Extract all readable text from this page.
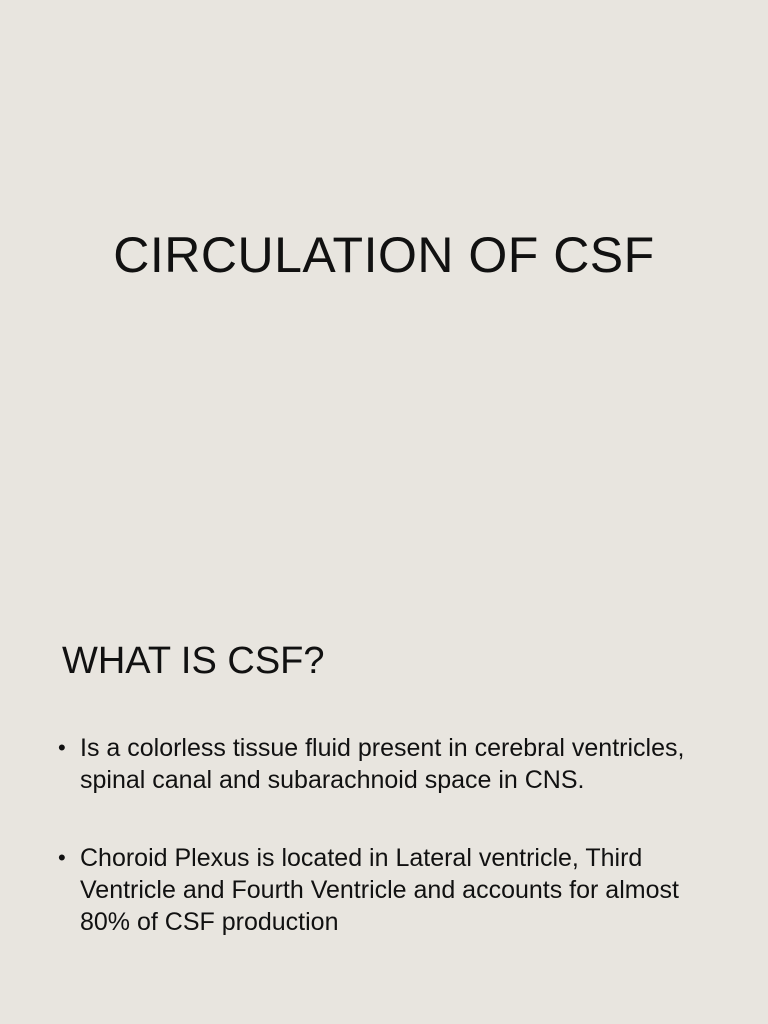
CIRCULATION OF CSF
WHAT IS CSF?
• Is a colorless tissue fluid present in cerebral ventricles, spinal canal and subarachnoid space in CNS.
• Choroid Plexus is located in Lateral ventricle, Third Ventricle and Fourth Ventricle and accounts for almost 80% of CSF production
